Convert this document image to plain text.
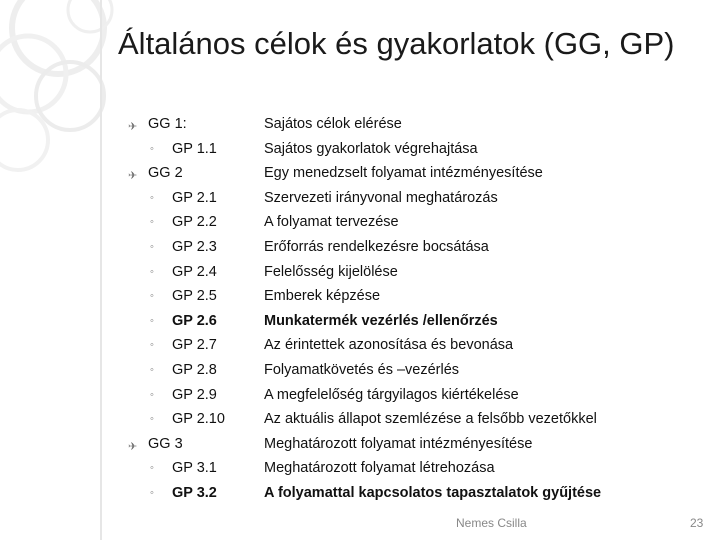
Általános célok és gyakorlatok (GG, GP)
✈ GG 1:	Sajátos célok elérése
◦ GP 1.1	Sajátos gyakorlatok végrehajtása
✈ GG 2	Egy menedzselt folyamat intézményesítése
◦ GP 2.1	Szervezeti irányvonal meghatározás
◦ GP 2.2	A folyamat tervezése
◦ GP 2.3	Erőforrás rendelkezésre bocsátása
◦ GP 2.4	Felelősség kijelölése
◦ GP 2.5	Emberek képzése
◦ GP 2.6	Munkatermék vezérlés /ellenőrzés
◦ GP 2.7	Az érintettek azonosítása és bevonása
◦ GP 2.8	Folyamatkövetés és –vezérlés
◦ GP 2.9	A megfelelőség tárgyilagos kiértékelése
◦ GP 2.10	Az aktuális állapot szemlézése a felsőbb vezetőkkel
✈ GG 3	Meghatározott folyamat intézményesítése
◦ GP 3.1	Meghatározott folyamat létrehozása
◦ GP 3.2	A folyamattal kapcsolatos tapasztalatok gyűjtése
Nemes Csilla	23
